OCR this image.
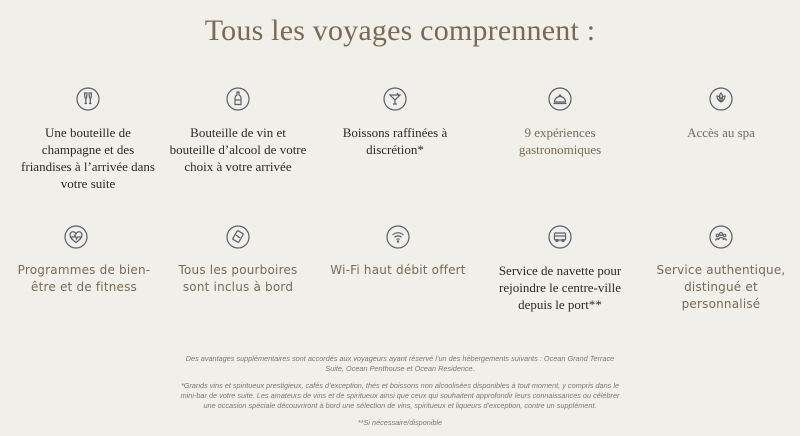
Tous les voyages comprennent :
Une bouteille de champagne et des friandises à l’arrivée dans votre suite
Bouteille de vin et bouteille d’alcool de votre choix à votre arrivée
Boissons raffinées à discrétion*
9 expériences gastronomiques
Accès au spa
Programmes de bien-être et de fitness
Tous les pourboires sont inclus à bord
Wi-Fi haut débit offert	Service de navette pour rejoindre le centre-ville depuis le port**
Service authentique, distingué et personnalisé

Des avantages supplémentaires sont accordés aux voyageurs ayant réservé l’un des hébergements suivants : Ocean Grand Terrace Suite, Ocean Penthouse et Ocean Residence.

*Grands vins et spiritueux prestigieux, cafés d’exception, thés et boissons non alcoolisées disponibles à tout moment, y compris dans le mini-bar de votre suite. Les amateurs de vins et de spiritueux ainsi que ceux qui souhaitent approfondir leurs connaissances ou célébrer une occasion spéciale découvriront à bord une sélection de vins, spiritueux et liqueurs d’exception, contre un supplément.

**Si nécessaire/disponible
